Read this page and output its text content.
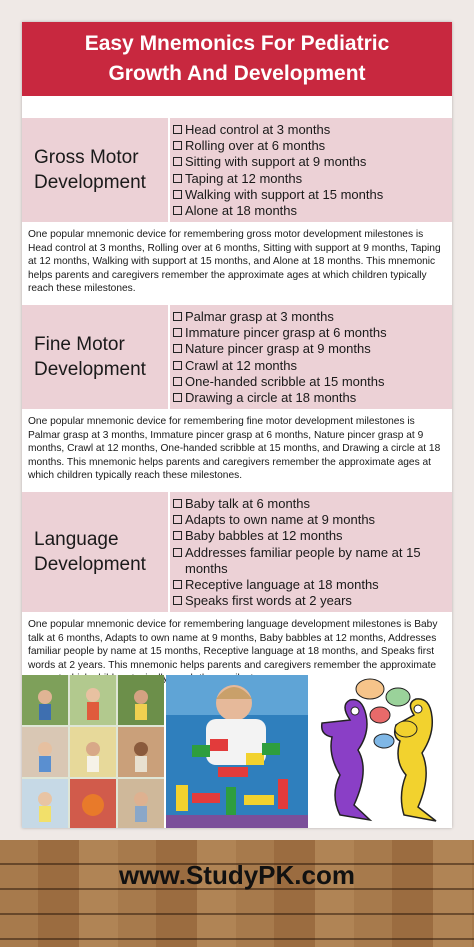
Easy Mnemonics For Pediatric
Growth And Development
Gross Motor
Development
Head control at 3 months
Rolling over at 6 months
Sitting with support at 9 months
Taping at 12 months
Walking with support at 15 months
Alone at 18 months
One popular mnemonic device for remembering gross motor development milestones is Head control at 3 months, Rolling over at 6 months, Sitting with support at 9 months, Taping at 12 months, Walking with support at 15 months, and Alone at 18 months. This mnemonic helps parents and caregivers remember the approximate ages at which children typically reach these milestones.
Fine Motor
Development
Palmar grasp at 3 months
Immature pincer grasp at 6 months
Nature pincer grasp at 9 months
Crawl at 12 months
One-handed scribble at 15 months
Drawing a circle at 18 months
One popular mnemonic device for remembering fine motor development milestones is Palmar grasp at 3 months, Immature pincer grasp at 6 months, Nature pincer grasp at 9 months, Crawl at 12 months, One-handed scribble at 15 months, and Drawing a circle at 18 months. This mnemonic helps parents and caregivers remember the approximate ages at which children typically reach these milestones.
Language
Development
Baby talk at 6 months
Adapts to own name at 9 months
Baby babbles at 12 months
Addresses familiar people by name at 15 months
Receptive language at 18 months
Speaks first words at 2 years
One popular mnemonic device for remembering language development milestones is Baby talk at 6 months, Adapts to own name at 9 months, Baby babbles at 12 months, Addresses familiar people by name at 15 months, Receptive language at 18 months, and Speaks first words at 2 years. This mnemonic helps parents and caregivers remember the approximate
www.StudyPK.com
